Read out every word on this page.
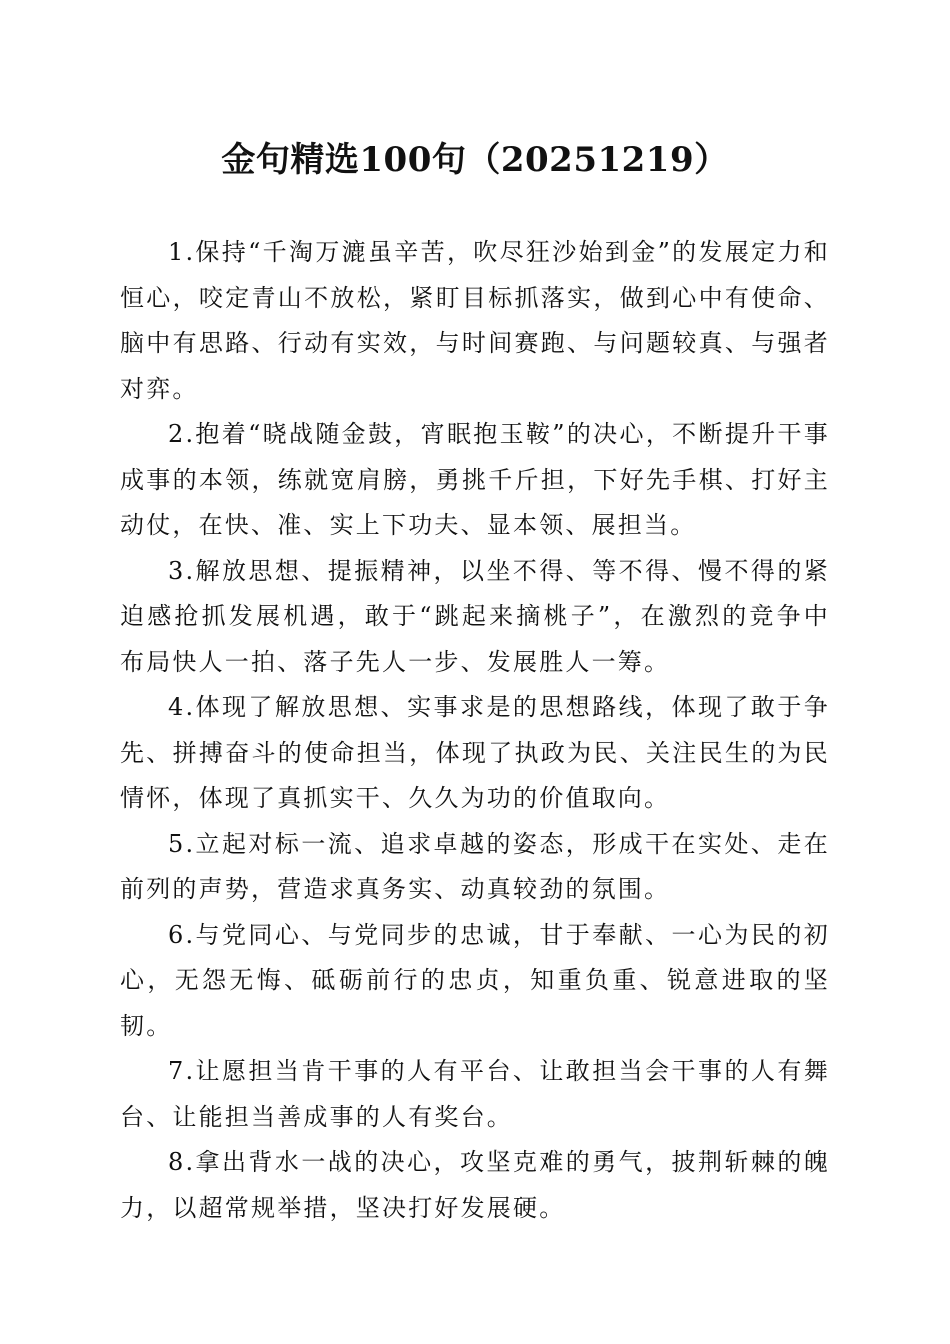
金句精选100句（20251219）

1.保持“千淘万漉虽辛苦，吹尽狂沙始到金”的发展定力和恒心，咬定青山不放松，紧盯目标抓落实，做到心中有使命、脑中有思路、行动有实效，与时间赛跑、与问题较真、与强者对弈。

2.抱着“晓战随金鼓，宵眠抱玉鞍”的决心，不断提升干事成事的本领，练就宽肩膀，勇挑千斤担，下好先手棋、打好主动仗，在快、准、实上下功夫、显本领、展担当。

3.解放思想、提振精神，以坐不得、等不得、慢不得的紧迫感抢抓发展机遇，敢于“跳起来摘桃子”，在激烈的竞争中布局快人一拍、落子先人一步、发展胜人一筹。

4.体现了解放思想、实事求是的思想路线，体现了敢于争先、拼搏奋斗的使命担当，体现了执政为民、关注民生的为民情怀，体现了真抓实干、久久为功的价值取向。

5.立起对标一流、追求卓越的姿态，形成干在实处、走在前列的声势，营造求真务实、动真较劲的氛围。

6.与党同心、与党同步的忠诚，甘于奉献、一心为民的初心，无怨无悔、砥砺前行的忠贞，知重负重、锐意进取的坚韧。

7.让愿担当肯干事的人有平台、让敢担当会干事的人有舞台、让能担当善成事的人有奖台。

8.拿出背水一战的决心，攻坚克难的勇气，披荆斩棘的魄力，以超常规举措，坚决打好发展硬。
